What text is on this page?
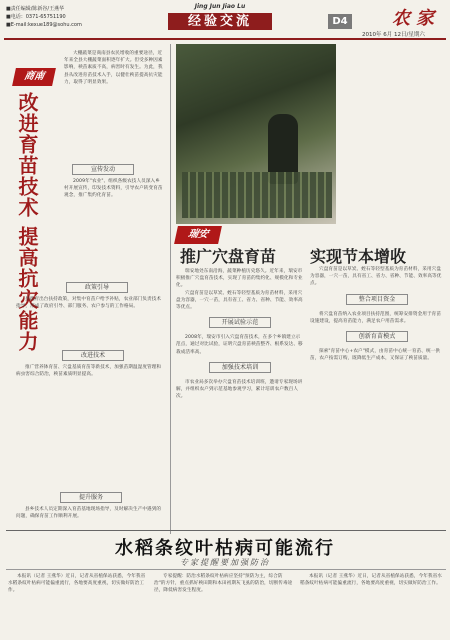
■责任编辑/陈新谷/王燕华
■电话：0371-65751190
■E-mail:kexue189@sohu.com
Jing Jun Jiao Lu
经验交流	D4 农家
2010年 6月 12日/星期六
商南
改进育苗技术 提高抗灾能力

大棚蔬菜是商南县农民增收的重要途径，近年来全县大棚蔬菜面积逐年扩大。但受多种因素影响，秧苗素质不高，病害时有发生。为此，我县从改进育苗技术入手，以健壮秧苗提高抗灾能力，取得了明显效果。

宣传发动

2009年"农业"、组织各级农技人员深入乡村开展宣传，印发技术资料，引导农户转变育苗观念，推广集约化育苗。

政策引导

县政府出台扶持政策，对集中育苗户给予补贴，农业部门负责技术指导，形成了政府引导、部门服务、农户参与的工作格局。

改进技术

推广营养钵育苗、穴盘基质育苗等新技术，加强苗期温湿度管理和病虫害综合防治，秧苗素质明显提高。

提升服务

县乡技术人员定期深入育苗基地现场指导，及时解决生产中遇到的问题，确保育苗工作顺利开展。

瑞安
推广穴盘育苗 实现节本增收

瑞安地处东南沿海，蔬菜种植历史悠久。近年来，瑞安市积极推广穴盘育苗技术，实现了育苗的集约化、规模化和专业化。

穴盘育苗是以草炭、蛭石等轻型基质为育苗材料，采用穴盘为容器，一穴一苗，具有省工、省力、省种、节能、效率高等优点。

开展试验示范

2008年，瑞安市引入穴盘育苗技术，在多个乡镇建立示范点，通过对比试验，证明穴盘育苗秧苗整齐、根系发达、移栽成活率高。

加强技术培训

市农业局多次举办穴盘育苗技术培训班，邀请专家现场讲解，并组织农户到示范基地参观学习，累计培训农户数百人次。

穴盘育苗是以草炭、蛭石等轻型基质为育苗材料，采用穴盘为容器，一穴一苗，具有省工、省力、省种、节能、效率高等优点。

整合项目资金

将穴盘育苗纳入农业项目扶持范围，统筹安排资金用于育苗设施建设，提高育苗能力，满足农户用苗需求。

创新育苗模式

探索"育苗中心+农户"模式，由育苗中心统一育苗、统一供苗，农户按需订购，既降低生产成本，又保证了秧苗质量。

水稻条纹叶枯病可能流行
专家提醒要加强防治

本报讯（记者 王燕华）近日，记者从省植保站获悉，今年我省水稻条纹叶枯病可能偏重流行，各地要高度重视，切实做好防治工作。

专家提醒：防治水稻条纹叶枯病应坚持"预防为主，综合防治"的方针，重点抓好秧田期和本田初期灰飞虱的防治，切断传毒途径，降低病害发生程度。

本报讯（记者 王燕华）近日，记者从省植保站获悉，今年我省水稻条纹叶枯病可能偏重流行，各地要高度重视，切实做好防治工作。
